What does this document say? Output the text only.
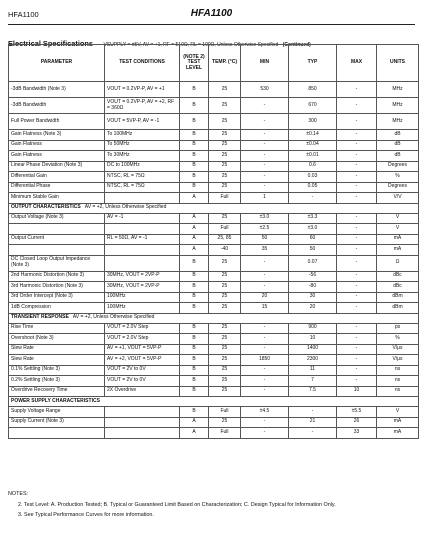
HFA1100	HFA1100
Electrical Specifications VSUPPLY = ±5V, AV = +1, RF = 510Ω, RL = 100Ω, Unless Otherwise Specified (Continued)
PARAMETER	TEST CONDITIONS	(NOTE 2) TEST LEVEL	TEMP. (°C)	MIN	TYP	MAX	UNITS
-3dB Bandwidth (Note 3)	VOUT = 0.2VP-P, AV = +1	B	25	530	850	-	MHz
-3dB Bandwidth	VOUT = 0.2VP-P, AV = +2, RF = 360Ω	B	25	-	670	-	MHz
Full Power Bandwidth	VOUT = 5VP-P, AV = -1	B	25	-	300	-	MHz
Gain Flatness (Note 3)	To 100MHz	B	25	-	±0.14	-	dB
Gain Flatness	To 50MHz	B	25	-	±0.04	-	dB
Gain Flatness	To 30MHz	B	25	-	±0.01	-	dB
Linear Phase Deviation (Note 3)	DC to 100MHz	B	25	-	0.6	-	Degrees
Differential Gain	NTSC, RL = 75Ω	B	25	-	0.03	-	%
Differential Phase	NTSC, RL = 75Ω	B	25	-	0.05	-	Degrees
Minimum Stable Gain		A	Full	1	-	-	V/V
OUTPUT CHARACTERISTICS AV = +2, Unless Otherwise Specified							
Output Voltage (Note 3)	AV = -1	A	25	±3.0	±3.3	-	V
		A	Full	±2.5	±3.0	-	V
Output Current	RL = 50Ω, AV = -1	A	25, 85	50	60	-	mA
		A	-40	35	50	-	mA
DC Closed Loop Output Impedance (Note 3)		B	25	-	0.07	-	Ω
2nd Harmonic Distortion (Note 3)	30MHz, VOUT = 2VP-P	B	25	-	-56	-	dBc
3rd Harmonic Distortion (Note 3)	30MHz, VOUT = 2VP-P	B	25	-	-80	-	dBc
3rd Order Intercept (Note 3)	100MHz	B	25	20	30	-	dBm
1dB Compression	100MHz	B	25	15	20	-	dBm
TRANSIENT RESPONSE AV = +2, Unless Otherwise Specified							
Rise Time	VOUT = 2.0V Step	B	25	-	900	-	ps
Overshoot (Note 3)	VOUT = 2.0V Step	B	25	-	10	-	%
Slew Rate	AV = +1, VOUT = 5VP-P	B	25	-	1400	-	V/μs
Slew Rate	AV = +2, VOUT = 5VP-P	B	25	1850	2300	-	V/μs
0.1% Settling (Note 3)	VOUT = 2V to 0V	B	25	-	11	-	ns
0.2% Settling (Note 3)	VOUT = 2V to 0V	B	25	-	7	-	ns
Overdrive Recovery Time	2X Overdrive	B	25	-	7.5	10	ns
POWER SUPPLY CHARACTERISTICS							
Supply Voltage Range		B	Full	±4.5	-	±5.5	V
Supply Current (Note 3)		A	25	-	21	26	mA
		A	Full	-	-	33	mA
NOTES:
2. Test Level: A. Production Tested; B. Typical or Guaranteed Limit Based on Characterization; C. Design Typical for Information Only.
3. See Typical Performance Curves for more information.
